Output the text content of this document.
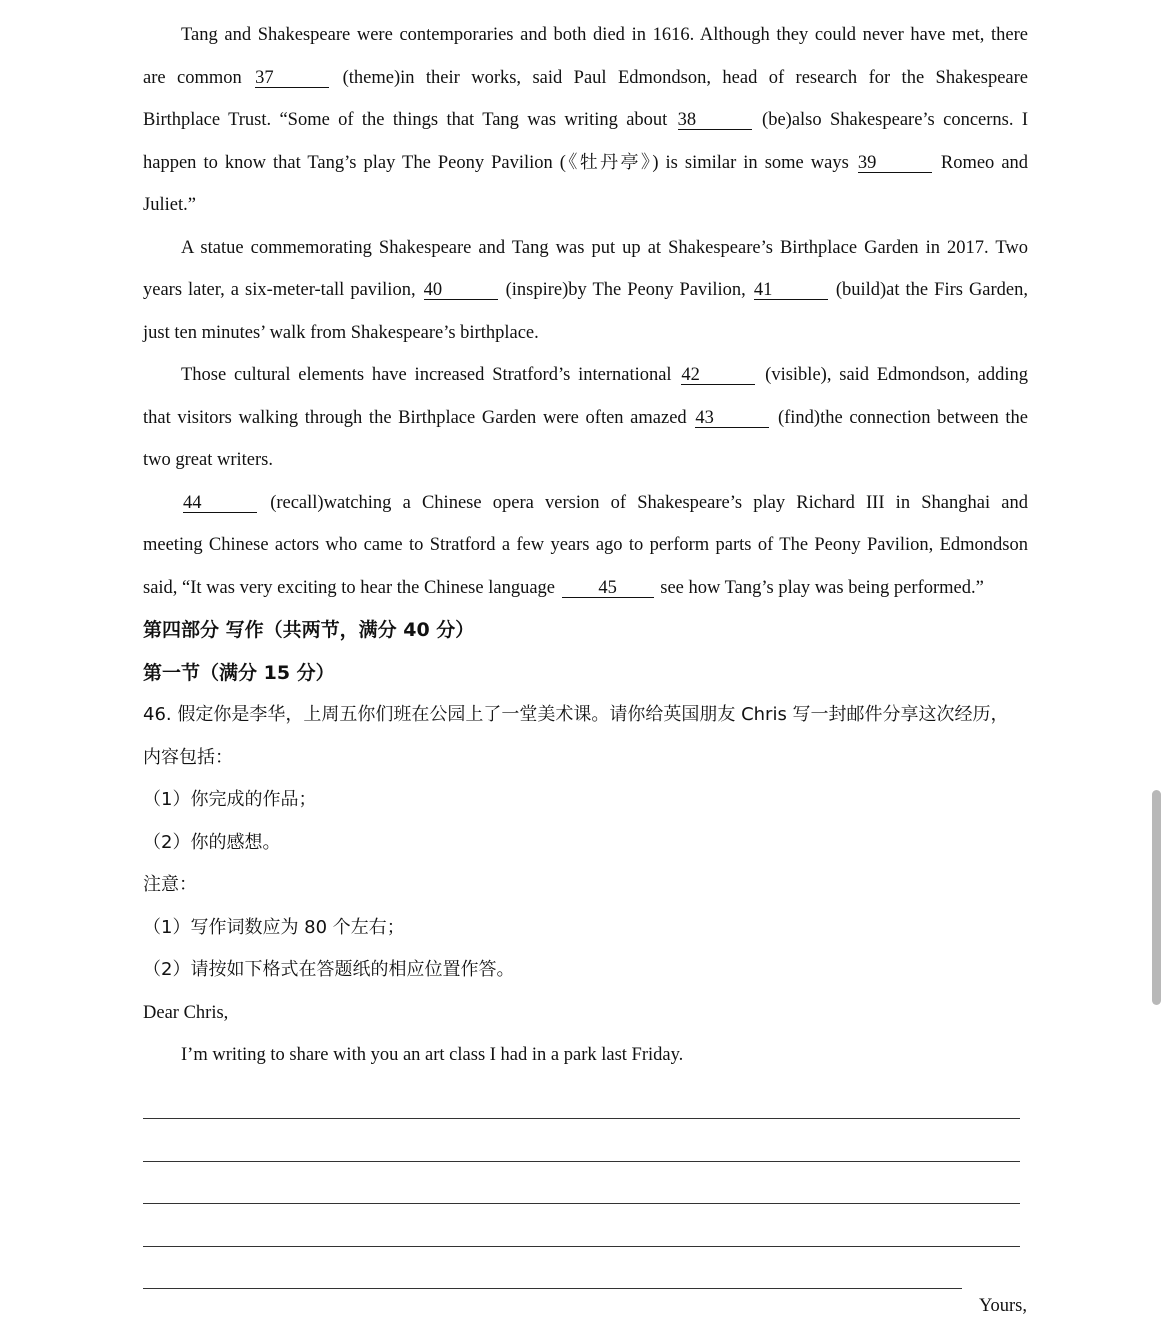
Tang and Shakespeare were contemporaries and both died in 1616. Although they could never have met, there
are common 37	(theme)in their works, said Paul Edmondson, head of research for the Shakespeare
Birthplace Trust. “Some of the things that Tang was writing about 38	(be)also Shakespeare’s concerns. I
happen to know that Tang’s play The Peony Pavilion (《牡丹亭》) is similar in some ways 39	Romeo and
Juliet.”
A statue commemorating Shakespeare and Tang was put up at Shakespeare’s Birthplace Garden in 2017. Two
years later, a six-meter-tall pavilion, 40	(inspire)by The Peony Pavilion, 41	(build)at the Firs Garden,
just ten minutes’ walk from Shakespeare’s birthplace.
Those cultural elements have increased Stratford’s international 42	(visible), said Edmondson, adding
that visitors walking through the Birthplace Garden were often amazed 43	(find)the connection between the
two great writers.
44	(recall)watching a Chinese opera version of Shakespeare’s play Richard III in Shanghai and
meeting Chinese actors who came to Stratford a few years ago to perform parts of The Peony Pavilion, Edmondson
said, “It was very exciting to hear the Chinese language 45 see how Tang’s play was being performed.”
第四部分 写作（共两节，满分 40 分）
第一节（满分 15 分）
46. 假定你是李华，上周五你们班在公园上了一堂美术课。请你给英国朋友 Chris 写一封邮件分享这次经历，
内容包括：
（1）你完成的作品；
（2）你的感想。
注意：
（1）写作词数应为 80 个左右；
（2）请按如下格式在答题纸的相应位置作答。
Dear Chris,
I’m writing to share with you an art class I had in a park last Friday.
Yours,
